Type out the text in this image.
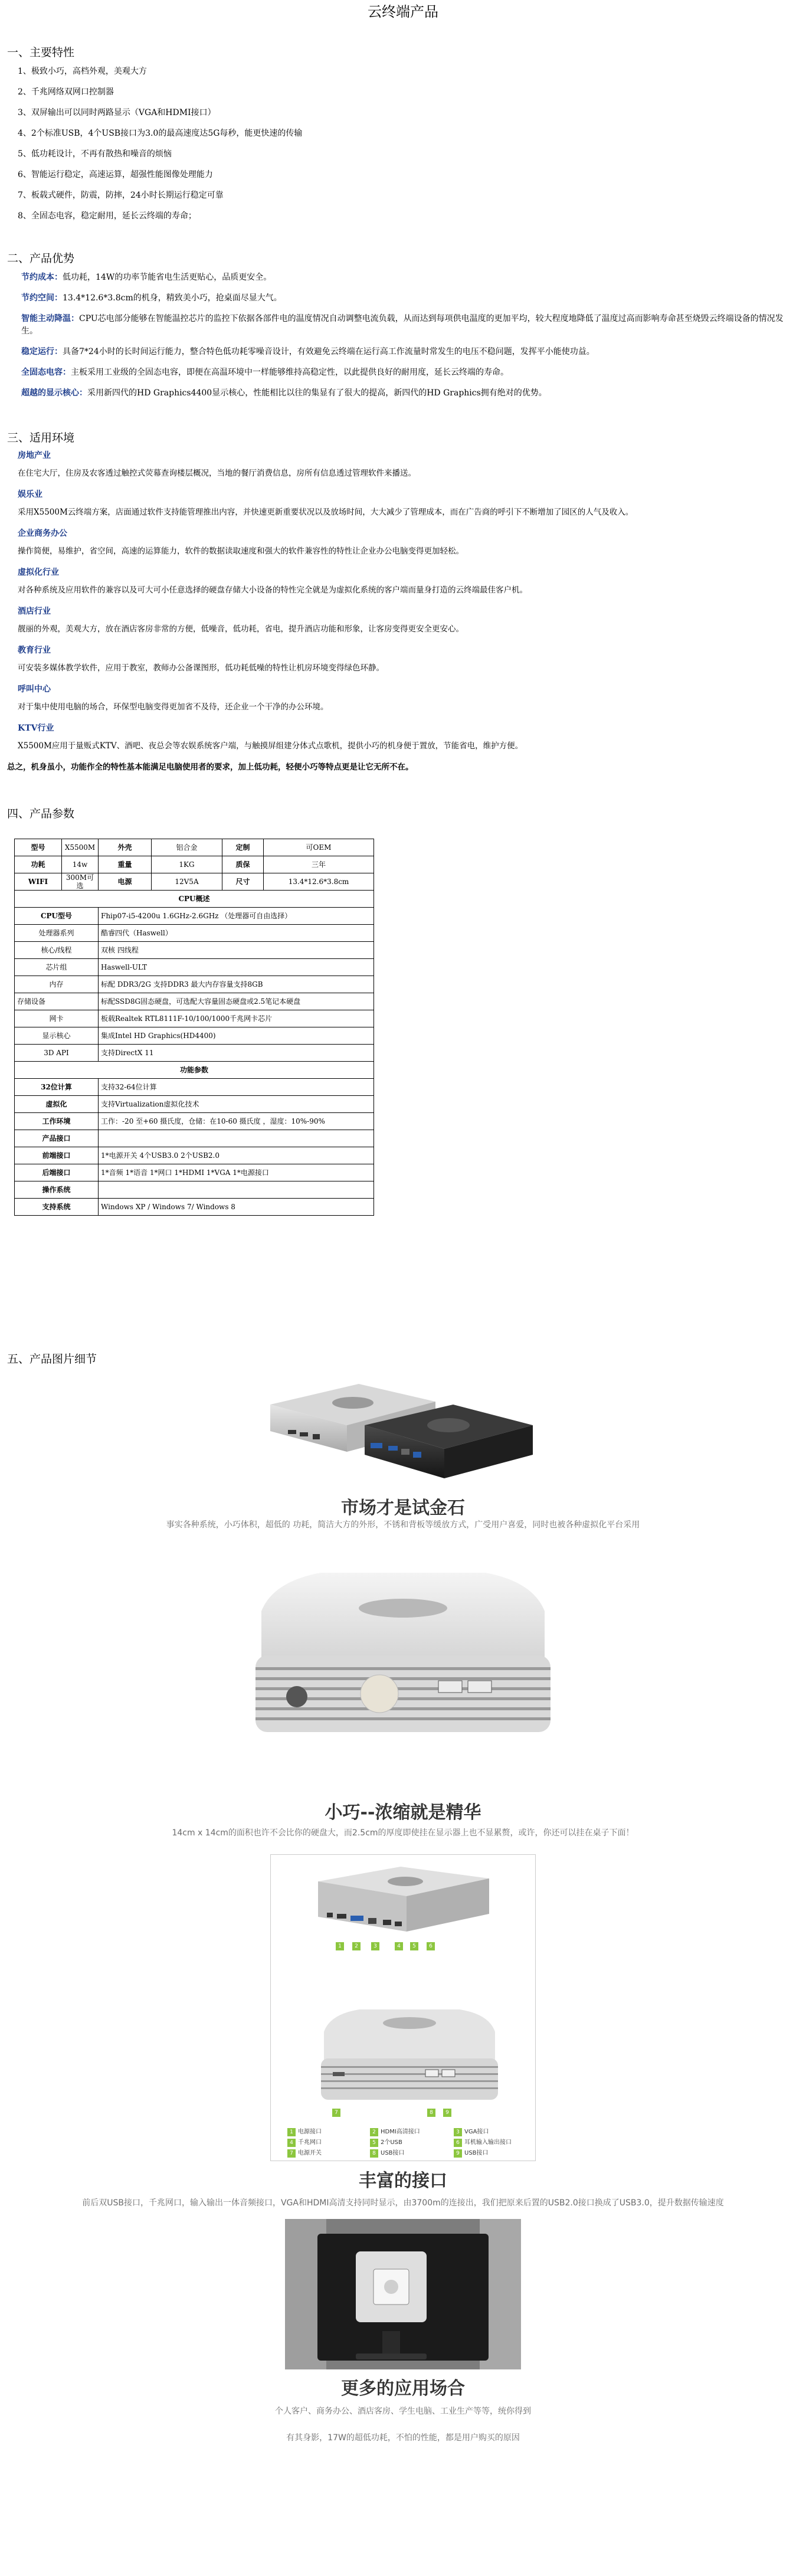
云终端产品
一、主要特性
1、极致小巧，高档外观，美观大方
2、千兆网络双网口控制器
3、双屏输出可以同时两路显示（VGA和HDMI接口）
4、2个标准USB，4个USB接口为3.0的最高速度达5G每秒，能更快速的传输
5、低功耗设计，不再有散热和噪音的烦恼
6、智能运行稳定，高速运算，超强性能图像处理能力
7、板载式硬件，防震，防摔，24小时长期运行稳定可靠
8、全固态电容，稳定耐用，延长云终端的寿命；
二、产品优势
节约成本：低功耗，14W的功率节能省电生活更贴心，品质更安全。
节约空间：13.4*12.6*3.8cm的机身，精致美小巧，抢桌面尽显大气。
智能主动降温：CPU芯电部分能够在智能温控芯片的监控下依据各部件电的温度情况自动调整电流负载，从而达到每项供电温度的更加平均，较大程度地降低了温度过高而影响寿命甚至烧毁云终端设备的情况发生。
稳定运行：具备7*24小时的长时间运行能力，整合特色低功耗零噪音设计，有效避免云终端在运行高工作流量时常发生的电压不稳问题，发挥平小能使功益。
全固态电容：主板采用工业级的全固态电容，即便在高温环境中一样能够维持高稳定性，以此提供良好的耐用度，延长云终端的寿命。
超越的显示核心：采用新四代的HD Graphics4400显示核心，性能相比以往的集显有了很大的提高，新四代的HD Graphics拥有绝对的优势。
三、适用环境
房地产业
在住宅大厅，住房及农客透过触控式荧幕查询楼层概况，当地的餐厅消费信息，房所有信息透过管理软件来播送。
娱乐业
采用X5500M云终端方案，店面通过软件支持能管理推出内容，并快速更新重要状况以及放场时间，大大减少了管理成本，而在广告商的呼引下不断增加了园区的人气及收入。
企业商务办公
操作简便，易维护，省空间，高速的运算能力，软件的数据读取速度和强大的软件兼容性的特性让企业办公电脑变得更加轻松。
虚拟化行业
对各种系统及应用软件的兼容以及可大可小任意选择的硬盘存储大小设备的特性完全就是为虚拟化系统的客户端而量身打造的云终端最佳客户机。
酒店行业
靓丽的外观，美观大方，放在酒店客房非常的方便，低噪音，低功耗，省电，提升酒店功能和形象，让客房变得更安全更安心。
教育行业
可安装多媒体教学软件，应用于教室，教师办公备课图形，低功耗低噪的特性让机房环境变得绿色环静。
呼叫中心
对于集中使用电脑的场合，环保型电脑变得更加省不及待，还企业一个干净的办公环境。
KTV行业
X5500M应用于量贩式KTV、酒吧、夜总会等农娱系统客户端，与触摸屏组建分体式点歌机，提供小巧的机身便于置放，节能省电，维护方便。
总之，机身虽小，功能作全的特性基本能满足电脑使用者的要求，加上低功耗，轻便小巧等特点更是让它无所不在。
四、产品参数
型号	X5500M	外壳	铝合金	定制	可OEM
功耗	14w	重量	1KG	质保	三年
WIFI	300M可选	电源	12V5A	尺寸	13.4*12.6*3.8cm
CPU概述					
CPU型号		Fhip07-i5-4200u 1.6GHz-2.6GHz （处理器可自由选择）			
处理器系列		酷睿四代（Haswell）			
核心/线程		双核 四线程			
芯片组		Haswell-ULT			
内存		标配 DDR3/2G 支持DDR3 最大内存容量支持8GB			
存储设备		标配SSD8G固态硬盘，可选配大容量固态硬盘或2.5笔记本硬盘			
网卡		板载Realtek RTL8111F-10/100/1000千兆网卡芯片			
显示核心		集成Intel HD Graphics(HD4400)			
3D API		支持DirectX 11			
功能参数					
32位计算		支持32-64位计算			
虚拟化		支持Virtualization虚拟化技术			
工作环境		工作：-20 至+60 摄氏度，仓储：在10-60 摄氏度 ，湿度：10%-90%			
产品接口					
前端接口		1*电源开关 4个USB3.0 2个USB2.0			
后端接口		1*音频 1*语音 1*网口 1*HDMI 1*VGA 1*电源接口			
操作系统					
支持系统		Windows XP / Windows 7/ Windows 8			
五、产品图片细节
市场才是试金石
事实各种系统，小巧体积，超低的 功耗，简洁大方的外形，不锈和背板等缓放方式，广受用户喜爱，同时也被各种虚拟化平台采用
小巧--浓缩就是精华
14cm x 14cm的面积也许不会比你的硬盘大，而2.5cm的厚度即使挂在显示器上也不显累赘，或许，你还可以挂在桌子下面！
1	2	3	4	5	6
7	8	9
1 电源接口	2 HDMI高清接口	3 VGA接口
4 千兆网口	5 2个USB	6 耳机输入输出接口
7 电源开关	8 USB接口	9 USB接口
丰富的接口
前后双USB接口，千兆网口，输入输出一体音频接口，VGA和HDMI高清支持同时显示，由3700m的连接出，我们把原来后置的USB2.0接口换成了USB3.0，提升数据传输速度
更多的应用场合
个人客户、商务办公、酒店客房、学生电脑、工业生产等等，统你得到
有其身影，17W的超低功耗，不怕的性能，都是用户购买的原因
